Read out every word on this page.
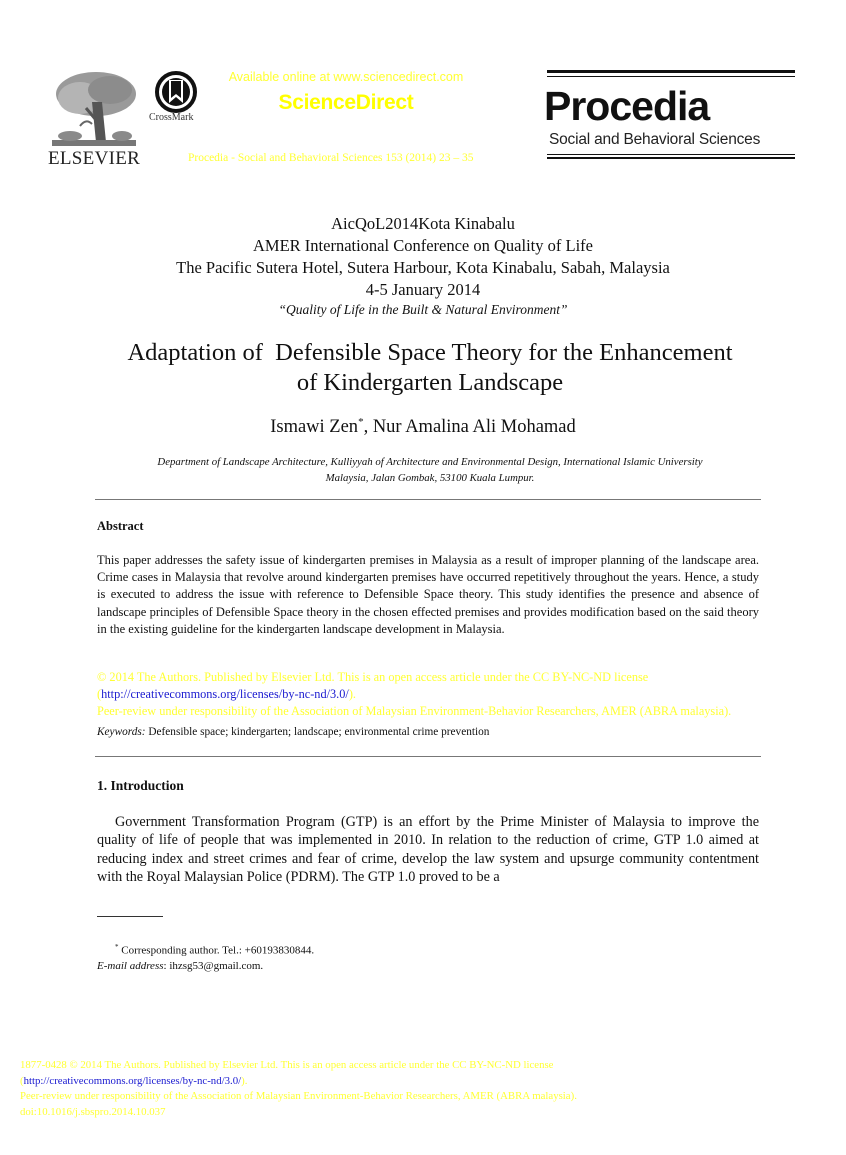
ELSEVIER
CrossMark
Available online at www.sciencedirect.com
ScienceDirect
Procedia - Social and Behavioral Sciences 153 (2014) 23 – 35
Procedia
Social and Behavioral Sciences
AicQoL2014Kota Kinabalu
AMER International Conference on Quality of Life
The Pacific Sutera Hotel, Sutera Harbour, Kota Kinabalu, Sabah, Malaysia
4-5 January 2014
“Quality of Life in the Built & Natural Environment”
Adaptation of  Defensible Space Theory for the Enhancement
of Kindergarten Landscape
Ismawi Zen*, Nur Amalina Ali Mohamad
Department of Landscape Architecture, Kulliyyah of Architecture and Environmental Design, International Islamic University
Malaysia, Jalan Gombak, 53100 Kuala Lumpur.
Abstract
This paper addresses the safety issue of kindergarten premises in Malaysia as a result of improper planning of the landscape area. Crime cases in Malaysia that revolve around kindergarten premises have occurred repetitively throughout the years. Hence, a study is executed to address the issue with reference to Defensible Space theory. This study identifies the presence and absence of landscape principles of Defensible Space theory in the chosen effected premises and provides modification based on the said theory in the existing guideline for the kindergarten landscape development in Malaysia.
© 2014 The Authors. Published by Elsevier Ltd. This is an open access article under the CC BY-NC-ND license
(http://creativecommons.org/licenses/by-nc-nd/3.0/).
Peer-review under responsibility of the Association of Malaysian Environment-Behavior Researchers, AMER (ABRA malaysia).
Keywords: Defensible space; kindergarten; landscape; environmental crime prevention
1. Introduction
Government Transformation Program (GTP) is an effort by the Prime Minister of Malaysia to improve the quality of life of people that was implemented in 2010. In relation to the reduction of crime, GTP 1.0 aimed at reducing index and street crimes and fear of crime, develop the law system and upsurge community contentment with the Royal Malaysian Police (PDRM). The GTP 1.0 proved to be a
* Corresponding author. Tel.: +60193830844.
E-mail address: ihzsg53@gmail.com.
1877-0428 © 2014 The Authors. Published by Elsevier Ltd. This is an open access article under the CC BY-NC-ND license
(http://creativecommons.org/licenses/by-nc-nd/3.0/).
Peer-review under responsibility of the Association of Malaysian Environment-Behavior Researchers, AMER (ABRA malaysia).
doi:10.1016/j.sbspro.2014.10.037
